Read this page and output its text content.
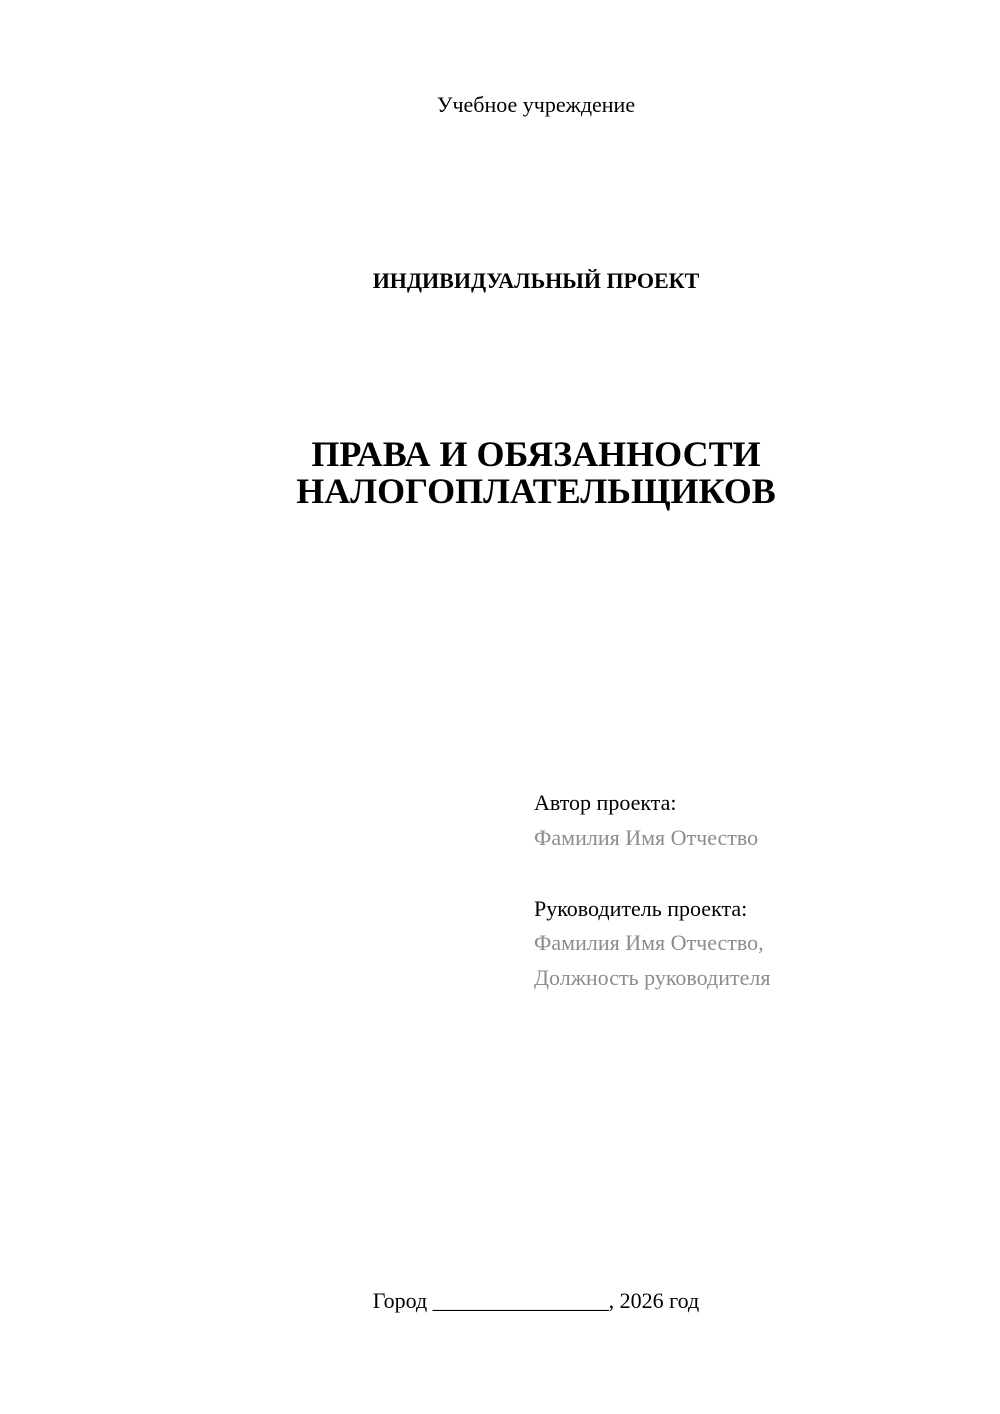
Учебное учреждение
ИНДИВИДУАЛЬНЫЙ ПРОЕКТ
ПРАВА И ОБЯЗАННОСТИ
НАЛОГОПЛАТЕЛЬЩИКОВ
Автор проекта:
Фамилия Имя Отчество
Руководитель проекта:
Фамилия Имя Отчество,
Должность руководителя
Город ________________, 2026 год
